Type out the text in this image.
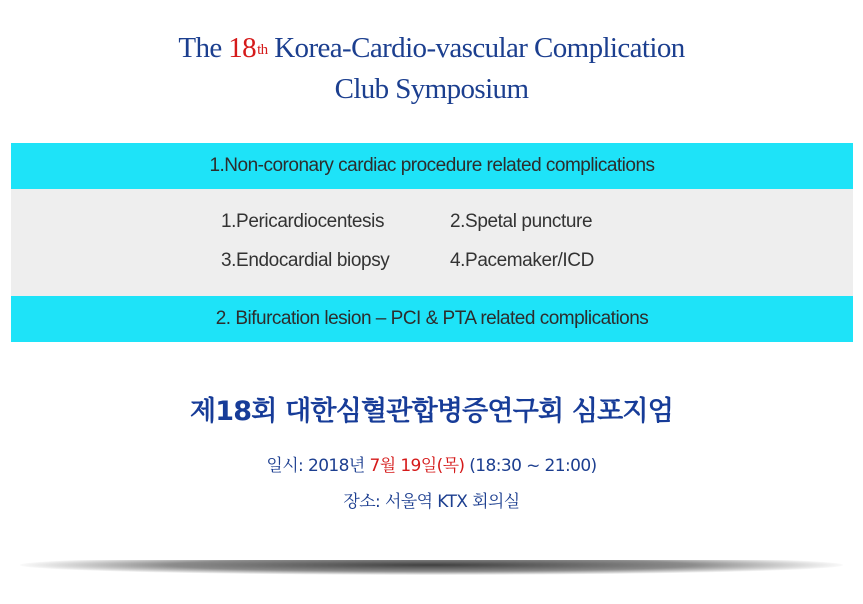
The 18th Korea-Cardio-vascular Complication
Club Symposium
1.Non-coronary cardiac procedure related complications
1.Pericardiocentesis	2.Spetal puncture
3.Endocardial biopsy	4.Pacemaker/ICD
2. Bifurcation lesion – PCI & PTA related complications
제18회 대한심혈관합병증연구회 심포지엄
일시: 2018년 7월 19일(목) (18:30 ~ 21:00)
장소: 서울역 KTX 회의실
